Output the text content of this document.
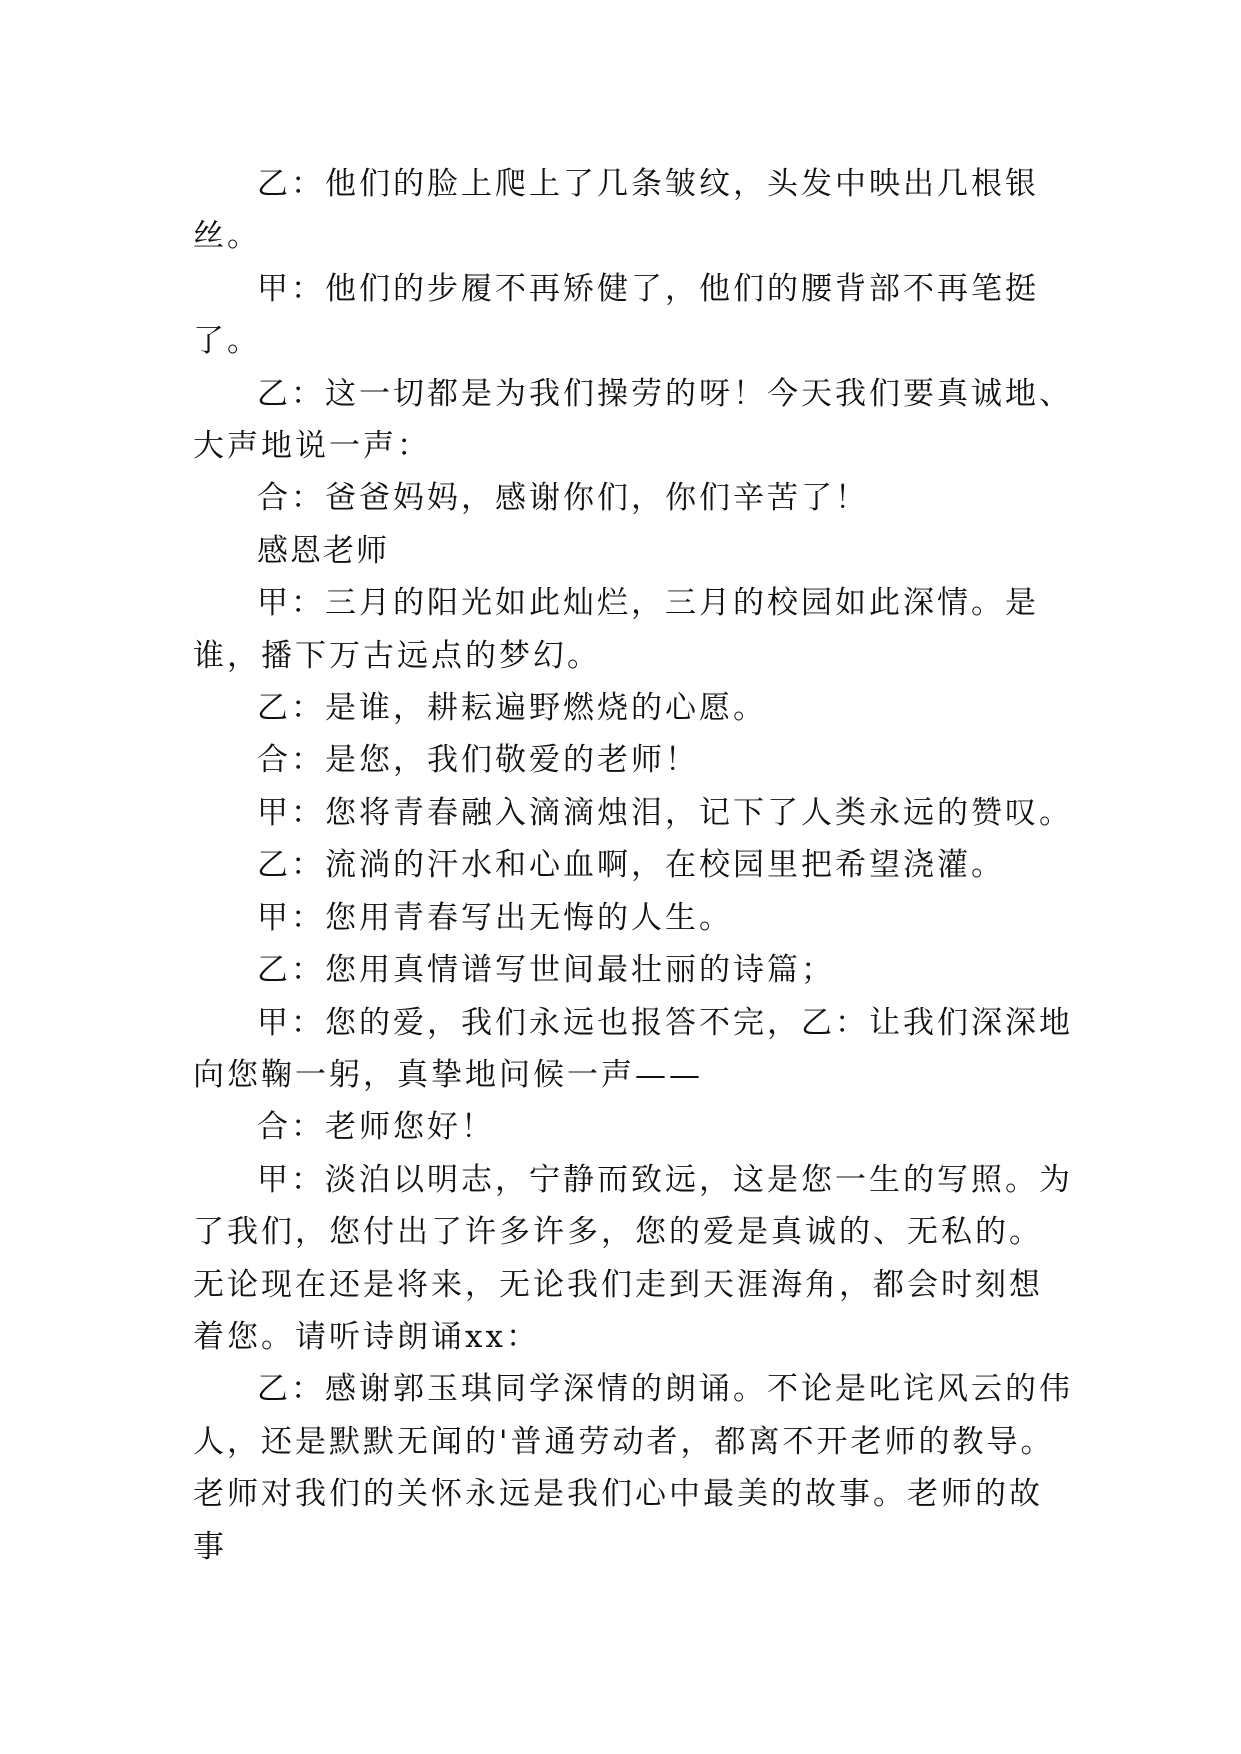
乙：他们的脸上爬上了几条皱纹，头发中映出几根银丝。

甲：他们的步履不再矫健了，他们的腰背部不再笔挺了。

乙：这一切都是为我们操劳的呀！今天我们要真诚地、大声地说一声：

合：爸爸妈妈，感谢你们，你们辛苦了！

感恩老师

甲：三月的阳光如此灿烂，三月的校园如此深情。是谁，播下万古远点的梦幻。

乙：是谁，耕耘遍野燃烧的心愿。

合：是您，我们敬爱的老师！

甲：您将青春融入滴滴烛泪，记下了人类永远的赞叹。

乙：流淌的汗水和心血啊，在校园里把希望浇灌。

甲：您用青春写出无悔的人生。

乙：您用真情谱写世间最壮丽的诗篇；

甲：您的爱，我们永远也报答不完，乙：让我们深深地向您鞠一躬，真挚地问候一声——

合：老师您好！

甲：淡泊以明志，宁静而致远，这是您一生的写照。为了我们，您付出了许多许多，您的爱是真诚的、无私的。无论现在还是将来，无论我们走到天涯海角，都会时刻想着您。请听诗朗诵xx：

乙：感谢郭玉琪同学深情的朗诵。不论是叱诧风云的伟人，还是默默无闻的'普通劳动者，都离不开老师的教导。老师对我们的关怀永远是我们心中最美的故事。老师的故事
